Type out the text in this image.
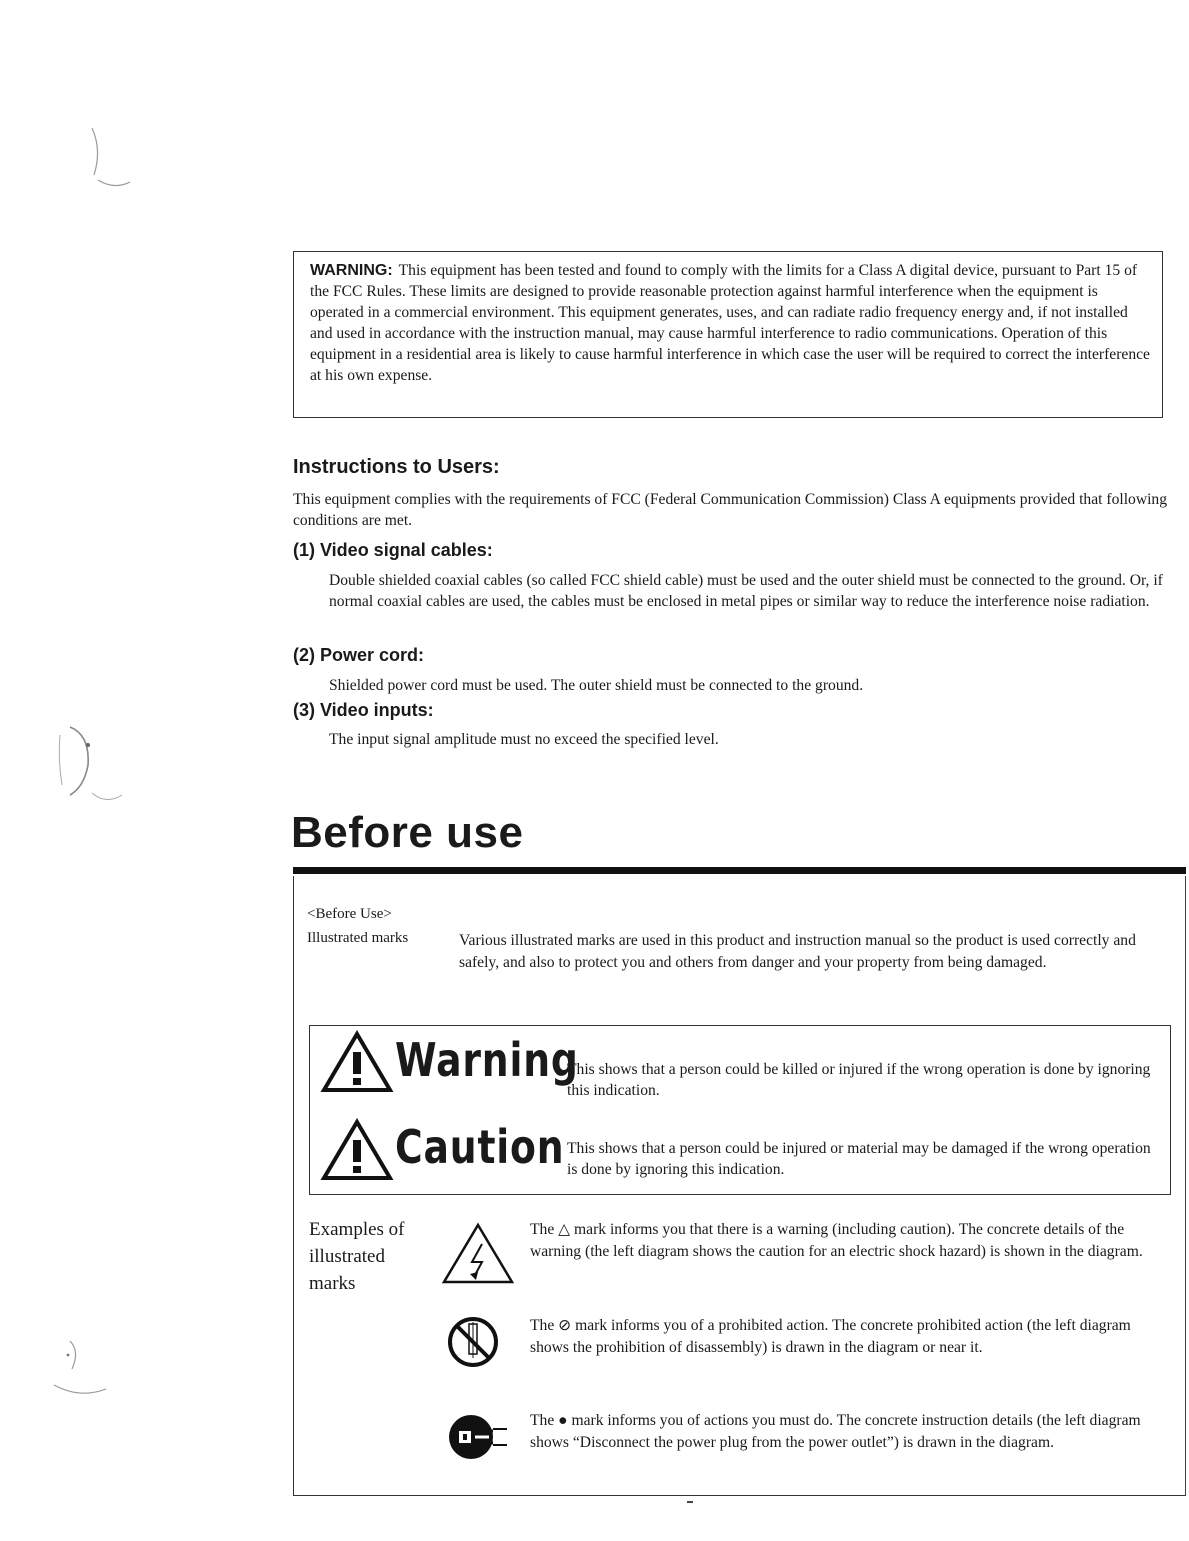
WARNING: This equipment has been tested and found to comply with the limits for a Class A digital device, pursuant to Part 15 of the FCC Rules. These limits are designed to provide reasonable protection against harmful interference when the equipment is operated in a commercial environment. This equipment generates, uses, and can radiate radio frequency energy and, if not installed and used in accordance with the instruction manual, may cause harmful interference to radio communications. Operation of this equipment in a residential area is likely to cause harmful interference in which case the user will be required to correct the interference at his own expense.
Instructions to Users:

This equipment complies with the requirements of FCC (Federal Communication Commission) Class A equipments provided that following conditions are met.

(1) Video signal cables:

Double shielded coaxial cables (so called FCC shield cable) must be used and the outer shield must be connected to the ground. Or, if normal coaxial cables are used, the cables must be enclosed in metal pipes or similar way to reduce the interference noise radiation.

(2) Power cord:

Shielded power cord must be used. The outer shield must be connected to the ground.

(3) Video inputs:

The input signal amplitude must no exceed the specified level.

Before use
<Before Use>
Illustrated marks	Various illustrated marks are used in this product and instruction manual so the product is used correctly and safely, and also to protect you and others from danger and your property from being damaged.

Warning

This shows that a person could be killed or injured if the wrong operation is done by ignoring this indication.

Caution This shows that a person could be injured or material may be damaged if the wrong operation is done by ignoring this indication.

Examples of illustrated marks

The △ mark informs you that there is a warning (including caution). The concrete details of the warning (the left diagram shows the caution for an electric shock hazard) is shown in the diagram.

The ⊘ mark informs you of a prohibited action. The concrete prohibited action (the left diagram shows the prohibition of disassembly) is drawn in the diagram or near it.

The ● mark informs you of actions you must do. The concrete instruction details (the left diagram shows “Disconnect the power plug from the power outlet”) is drawn in the diagram.
